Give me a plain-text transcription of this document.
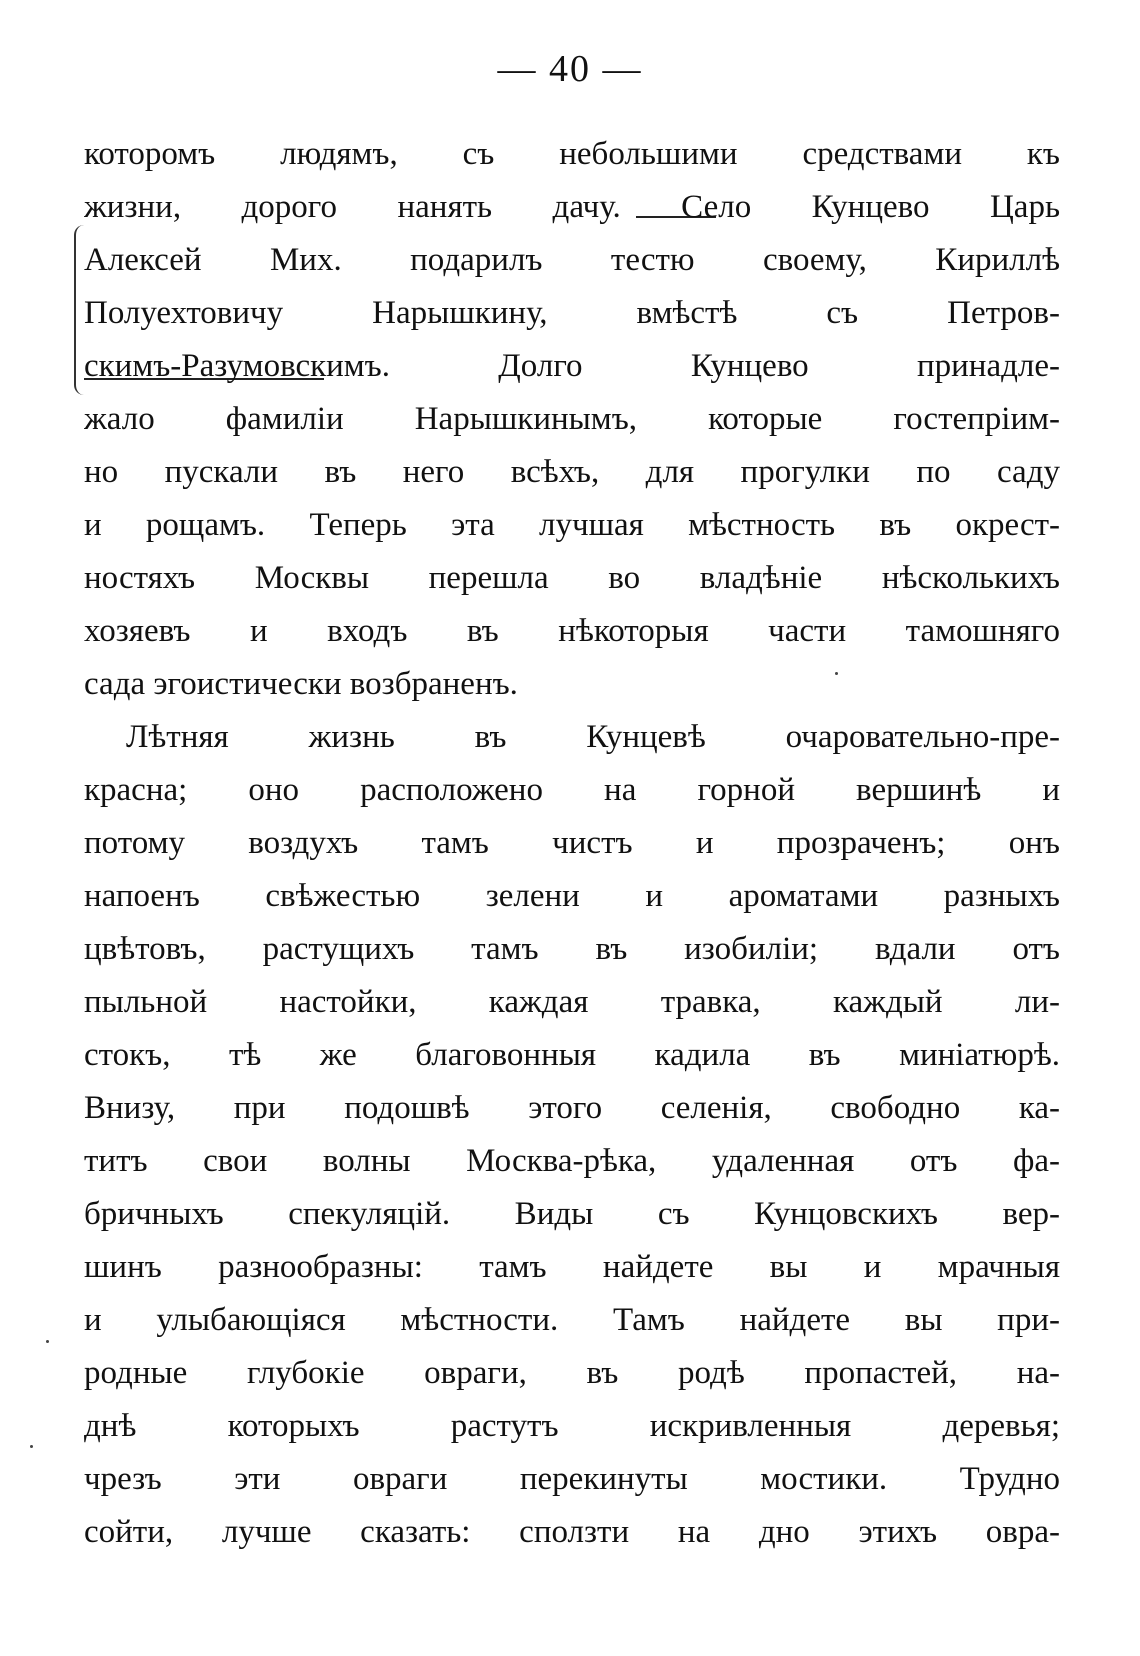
— 40 —
которомъ людямъ, съ небольшими средствами къ
жизни, дорого нанять дачу. Село Кунцево Царь
Алексей Мих. подарилъ тестю своему, Кириллѣ
Полуехтовичу Нарышкину, вмѣстѣ съ Петров-
скимъ-Разумовскимъ. Долго Кунцево принадле-
жало фамиліи Нарышкинымъ, которые гостепріим-
но пускали въ него всѣхъ, для прогулки по саду
и рощамъ. Теперь эта лучшая мѣстность въ окрест-
ностяхъ Москвы перешла во владѣніе нѣсколькихъ
хозяевъ и входъ въ нѣкоторыя части тамошняго
сада эгоистически возбраненъ.
Лѣтняя жизнь въ Кунцевѣ очаровательно-пре-
красна; оно расположено на горной вершинѣ и
потому воздухъ тамъ чистъ и прозраченъ; онъ
напоенъ свѣжестью зелени и ароматами разныхъ
цвѣтовъ, растущихъ тамъ въ изобиліи; вдали отъ
пыльной настойки, каждая травка, каждый ли-
стокъ, тѣ же благовонныя кадила въ миніатюрѣ.
Внизу, при подошвѣ этого селенія, свободно ка-
титъ свои волны Москва-рѣка, удаленная отъ фа-
бричныхъ спекуляцій. Виды съ Кунцовскихъ вер-
шинъ разнообразны: тамъ найдете вы и мрачныя
и улыбающіяся мѣстности. Тамъ найдете вы при-
родные глубокіе овраги, въ родѣ пропастей, на-
днѣ которыхъ растутъ искривленныя деревья;
чрезъ эти овраги перекинуты мостики. Трудно
сойти, лучше сказать: сползти на дно этихъ овра-
